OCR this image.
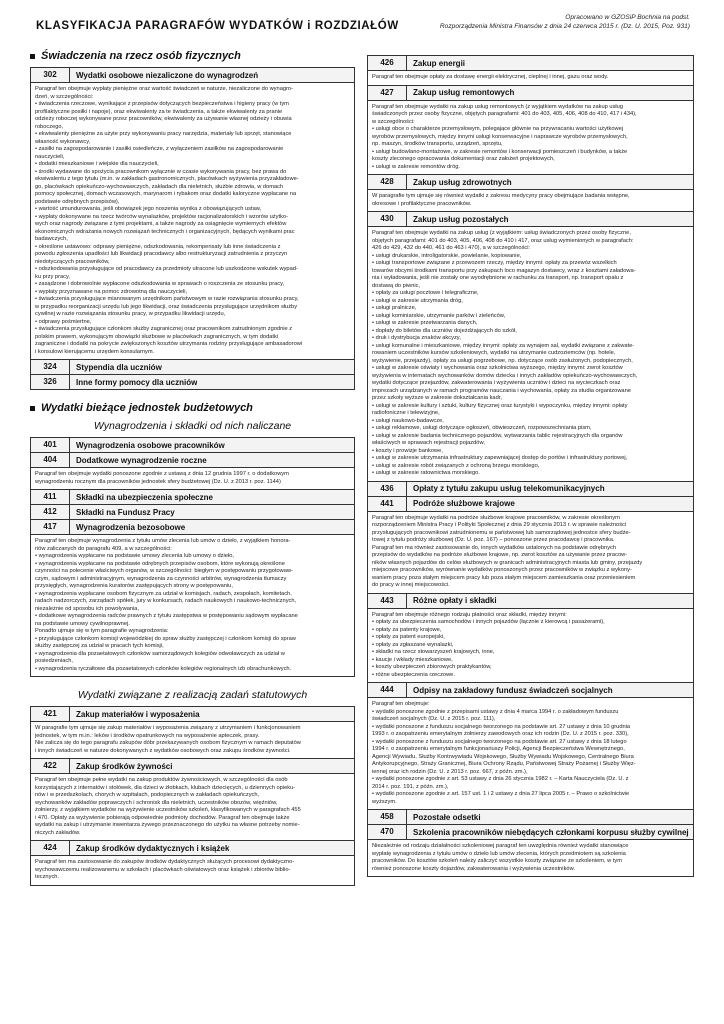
KLASYFIKACJA PARAGRAFÓW WYDATKÓW i ROZDZIAŁÓW
Opracowano w GZOSiP Bochnia na podst.
Rozporządzenia Ministra Finansów z dnia 24 czerwca 2015 r. (Dz. U. 2015, Poz. 931)
Świadczenia na rzecz osób fizycznych
302	Wydatki osobowe niezaliczone do wynagrodzeń
Paragraf ten obejmuje wypłaty pieniężne oraz wartość świadczeń w naturze, niezaliczone do wynagro-
dzeń, w szczególności:
• świadczenia rzeczowe, wynikające z przepisów dotyczących bezpieczeństwa i higieny pracy (w tym
profilaktyczne posiłki i napoje), oraz ekwiwalenty za te świadczenia, a także ekwiwalenty za pranie
odzieży roboczej wykonywane przez pracowników, ekwiwalenty za używanie własnej odzieży i obuwia
roboczego,
• ekwiwalenty pieniężne za użyte przy wykonywaniu pracy narzędzia, materiały lub sprzęt, stanowiące
własność wykonawcy,
• zasiłki na zagospodarowanie i zasiłki osiedleńcze, z wyłączeniem zasiłków na zagospodarowanie
nauczycieli,
• dodatki mieszkaniowe i wiejskie dla nauczycieli,
• środki wydawane do spożycia pracownikom wyłącznie w czasie wykonywania pracy, bez prawa do
ekwiwalentu z tego tytułu (m.in. w zakładach gastronomicznych, placówkach wyżywienia przyzakładowe-
go, placówkach opiekuńczo-wychowawczych, zakładach dla nieletnich, służbie zdrowia, w domach
pomocy społecznej, domach wczasowych, marynarom i rybakom oraz dodatki kaloryczne wypłacane na
podstawie odrębnych przepisów),
• wartość umundurowania, jeśli obowiązek jego noszenia wynika z obowiązujących ustaw,
• wypłaty dokonywane na rzecz twórców wynalazków, projektów racjonalizatorskich i wzorów użytko-
wych oraz nagrody związane z tymi projektami, a także nagrody za osiągnięcie wymiernych efektów
ekonomicznych wdrażania nowych rozwiązań technicznych i organizacyjnych, będących wynikami prac
badawczych,
• określone ustawowo: odprawy pieniężne, odszkodowania, rekompensaty lub inne świadczenia z
powodu zgłoszenia upadłości lub likwidacji pracodawcy albo restrukturyzacji zatrudnienia z przyczyn
niedotyczących pracowników,
• odszkodowania przysługujące od pracodawcy za przedmioty utracone lub uszkodzone wskutek wypad-
ku przy pracy,
• zasądzone i dobrowolnie wypłacone odszkodowania w sprawach o roszczenia ze stosunku pracy,
• wypłaty przyznawane na pomoc zdrowotną dla nauczycieli,
• świadczenia przysługujące mianowanym urzędnikom państwowym w razie rozwiązania stosunku pracy,
w przypadku reorganizacji urzędu lub jego likwidacji, oraz świadczenia przysługujące urzędnikom służby
cywilnej w razie rozwiązania stosunku pracy, w przypadku likwidacji urzędu,
• odprawy pośmiertne,
• świadczenia przysługujące członkom służby zagranicznej oraz pracownikom zatrudnionym zgodnie z
polskim prawem, wykonującym obowiązki służbowe w placówkach zagranicznych, w tym dodatki
zagraniczne i dodatki na pokrycie zwiększonych kosztów utrzymania rodziny przysługujące ambasadorowi
i konsulowi kierującemu urzędem konsularnym.
324	Stypendia dla uczniów
326	Inne formy pomocy dla uczniów
Wydatki bieżące jednostek budżetowych
Wynagrodzenia i składki od nich naliczane
401	Wynagrodzenia osobowe pracowników
404	Dodatkowe wynagrodzenie roczne
Paragraf ten obejmuje wydatki ponoszone zgodnie z ustawą z dnia 12 grudnia 1997 r. o dodatkowym
wynagrodzeniu rocznym dla pracowników jednostek sfery budżetowej (Dz. U. z 2013 r. poz. 1144)
411	Składki na ubezpieczenia społeczne
412	Składki na Fundusz Pracy
417	Wynagrodzenia bezosobowe
Paragraf ten obejmuje wynagrodzenia z tytułu umów zlecenia lub umów o dzieło, z wyjątkiem honora-
riów zaliczanych do paragrafu 409, a w szczególności:
• wynagrodzenia wypłacane na podstawie umowy zlecenia lub umowy o dzieło,
• wynagrodzenia wypłacane na podstawie odrębnych przepisów osobom, które wykonują określone
czynności na polecenie właściwych organów, w szczególności: biegłym w postępowaniu przygotowaw-
czym, sądowym i administracyjnym, wynagrodzenia za czynności arbitrów, wynagrodzenia tłumaczy
przysięgłych, wynagrodzenia kuratorów zastępujących strony w postępowaniu,
• wynagrodzenia wypłacane osobom fizycznym za udział w komisjach, radach, zespołach, komitetach,
radach nadzorczych, zarządach spółek, jury w konkursach, radach naukowych i naukowo-technicznych,
niezależnie od sposobu ich powoływania,
• dodatkowe wynagrodzenia radców prawnych z tytułu zastępstwa w postępowaniu sądowym wypłacane
na podstawie umowy cywilnoprawnej.
Ponadto ujmuje się w tym paragrafie wynagrodzenia:
• przysługujące członkom komisji wojewódzkiej do spraw służby zastępczej i członkom komisji do spraw
służby zastępczej za udział w pracach tych komisji,
• wynagrodzenia dla pozaetatowych członków samorządowych kolegiów odwoławczych za udział w
posiedzeniach,
• wynagrodzenia ryczałtowe dla pozaetatowych członków kolegiów regionalnych izb obrachunkowych.
Wydatki związane z realizacją zadań statutowych
421	Zakup materiałów i wyposażenia
W paragrafie tym ujmuje się zakup materiałów i wyposażenia związany z utrzymaniem i funkcjonowaniem
jednostek, w tym m.in.: leków i środków opatrunkowych na wyposażenie apteczek, prasy.
Nie zalicza się do tego paragrafu zakupów dóbr przekazywanych osobom fizycznym w ramach deputatów
i innych świadczeń w naturze dokonywanych z wydatków osobowych oraz zakupu środków żywności.
422	Zakup środków żywności
Paragraf ten obejmuje pełne wydatki na zakup produktów żywnościowych, w szczególności dla osób
korzystających z internatów i stołówek, dla dzieci w żłobkach, klubach dziecięcych, u dziennych opieku-
nów i w przedszkolach, chorych w szpitalach, podopiecznych w zakładach opiekuńczych,
wychowanków zakładów poprawczych i schronisk dla nieletnich, uczestników obozów, więźniów,
żołnierzy, z wyjątkiem wydatków na wyżywienie uczestników szkoleń, klasyfikowanych w paragrafach 455
i 470. Opłaty za wyżywienie pobierają odpowiednie podmioty dochodów. Paragraf ten obejmuje także
wydatki na zakup i utrzymanie inwentarza żywego przeznaczonego do użytku na własne potrzeby nomie-
niczych zakładów.
424	Zakup środków dydaktycznych i książek
Paragraf ten ma zastosowanie do zakupów środków dydaktycznych służących procesowi dydaktyczno-
wychowawczemu realizowanemu w szkołach i placówkach oświatowych oraz książek i zbiorów biblio-
tecznych.
426	Zakup energii
Paragraf ten obejmuje opłaty za dostawę energii elektrycznej, cieplnej i innej, gazu oraz wody.
427	Zakup usług remontowych
Paragraf ten obejmuje wydatki na zakup usług remontowych (z wyjątkiem wydatków na zakup usług
świadczonych przez osoby fizyczne, objętych paragrafami: 401 do 403, 405, 406, 408 do 410, 417 i 434),
w szczególności:
• usługi obce o charakterze przemysłowym, polegające głównie na przywracaniu wartości użytkowej
wyrobów przemysłowych, między innymi usługi konserwacyjne i naprawcze wyrobów przemysłowych,
np. maszyn, środków transportu, urządzeń, sprzętu,
• usługi budowlano-montażowe, w zakresie remontów i konserwacji pomieszczeń i budynków, a także
koszty zleconego opracowania dokumentacji oraz założeń projektowych,
• usługi w zakresie remontów dróg.
428	Zakup usług zdrowotnych
W paragrafie tym ujmuje się również wydatki z zakresu medycyny pracy obejmujące badania wstępne,
okresowe i profilaktyczne pracowników.
430	Zakup usług pozostałych
Paragraf ten obejmuje wydatki na zakup usług (z wyjątkiem: usług świadczonych przez osoby fizyczne,
objętych paragrafami: 401 do 403, 405, 406, 408 do 410 i 417, oraz usług wymienionych w paragrafach:
426 do 429, 432 do 440, 461 do 463 i 470), a w szczególności:
• usługi drukarskie, introligatorskie, powielanie, kopiowanie,
• usługi transportowe związane z przewozem rzeczy, między innymi: opłaty za przewóz wszelkich
towarów obcymi środkami transportu przy zakupach loco magazyn dostawcy, wraz z kosztami załadowa-
nia i wyładowania, jeśli nie zostały one wyodrębnione w rachunku za transport, np. transport opału z
dostawą do piwnic,
• opłaty za usługi pocztowe i telegraficzne,
• usługi w zakresie utrzymania dróg,
• usługi pralnicze,
• usługi kominiarskie, utrzymanie parków i zieleńców,
• usługi w zakresie przetwarzania danych,
• dopłaty do biletów dla uczniów dojeżdżających do szkół,
• druk i dystrybucja znaków akcyzy,
• usługi komunalne i mieszkaniowe, między innymi: opłaty za wynajem sal, wydatki związane z zakwate-
rowaniem uczestników kursów szkoleniowych, wydatki na utrzymanie cudzoziemców (np. hotele,
wyżywienie, przejazdy), opłaty za usługi pogrzebowe, np. dotyczące osób zasłużonych, podopiecznych,
• usługi w zakresie oświaty i wychowania oraz szkolnictwa wyższego, między innymi: zwrot kosztów
wyżywienia w internatach wychowanków domów dziecka i innych zakładów opiekuńczo-wychowawczych,
wydatki dotyczące przejazdów, zakwaterowania i wyżywienia uczniów i dzieci na wycieczkach oraz
imprezach urządzanych w ramach programów nauczania i wychowania, opłaty za studia organizowane
przez szkoły wyższe w zakresie dokształcania kadr,
• usługi w zakresie kultury i sztuki, kultury fizycznej oraz turystyki i wypoczynku, między innymi: opłaty
radiofoniczne i telewizyjne,
• usługi naukowo-badawcze,
• usługi reklamowe, usługi dotyczące ogłoszeń, obwieszczeń, rozpowszechniania pism,
• usługi w zakresie badania technicznego pojazdów, wytwarzania tablic rejestracyjnych dla organów
właściwych w sprawach rejestracji pojazdów,
• koszty i prowizje bankowe,
• usługi w zakresie utrzymania infrastruktury zapewniającej dostęp do portów i infrastruktury portowej,
• usługi w zakresie robót związanych z ochroną brzegu morskiego,
• usługi w zakresie ratownictwa morskiego.
436	Opłaty z tytułu zakupu usług telekomunikacyjnych
441	Podróże służbowe krajowe
Paragraf ten obejmuje wydatki na podróże służbowe krajowe pracowników, w zakresie określonym
rozporządzeniem Ministra Pracy i Polityki Społecznej z dnia 29 stycznia 2013 r. w sprawie należności
przysługujących pracownikowi zatrudnionemu w państwowej lub samorządowej jednostce sfery budże-
towej z tytułu podróży służbowej (Dz. U. poz. 167) – ponoszone przez pracodawcę i pracownika.
Paragraf ten ma również zastosowanie do, innych wydatków ustalonych na podstawie odrębnych
przepisów do wydatków na podróże służbowe krajowe, np. zwrot kosztów za używanie przez pracow-
ników własnych pojazdów do celów służbowych w granicach administracyjnych miasta lub gminy, przejazdy
miejscowe pracowników, wyrównanie wydatków ponoszonych przez pracowników w związku z wykony-
waniem pracy poza stałym miejscem pracy lub poza stałym miejscem zamieszkania oraz przeniesieniem
do pracy w innej miejscowości.
443	Różne opłaty i składki
Paragraf ten obejmuje różnego rodzaju płatności oraz składki, między innymi:
• opłaty za ubezpieczenia samochodów i innych pojazdów (łącznie z kierowcą i pasażerami),
• opłaty za patenty krajowe,
• opłaty za patent europejski,
• opłaty za zgłaszane wynalazki,
• składki na rzecz stowarzyszeń krajowych, inne,
• kaucje i wkłady mieszkaniowe,
• koszty ubezpieczeń zbiorowych praktykantów,
• różne ubezpieczenia rzeczowe.
444	Odpisy na zakładowy fundusz świadczeń socjalnych
Paragraf ten obejmuje:
• wydatki ponoszone zgodnie z przepisami ustawy z dnia 4 marca 1994 r. o zakładowym funduszu
świadczeń socjalnych (Dz. U. z 2015 r. poz. 111),
• wydatki ponoszone z funduszu socjalnego tworzonego na podstawie art. 27 ustawy z dnia 10 grudnia
1993 r. o zaopatrzeniu emerytalnym żołnierzy zawodowych oraz ich rodzin (Dz. U. z 2015 r. poz. 330),
• wydatki ponoszone z funduszu socjalnego tworzonego na podstawie art. 27 ustawy z dnia 18 lutego
1994 r. o zaopatrzeniu emerytalnym funkcjonariuszy Policji, Agencji Bezpieczeństwa Wewnętrznego,
Agencji Wywiadu, Służby Kontrwywiadu Wojskowego, Służby Wywiadu Wojskowego, Centralnego Biura
Antykorupcyjnego, Straży Granicznej, Biura Ochrony Rządu, Państwowej Straży Pożarnej i Służby Więz-
iennej oraz ich rodzin (Dz. U. z 2013 r. poz. 667, z późn. zm.),
• wydatki ponoszone zgodnie z art. 53 ustawy z dnia 26 stycznia 1982 r. – Karta Nauczyciela (Dz. U. z
2014 r. poz. 191, z późn. zm.),
• wydatki ponoszone zgodnie z art. 157 ust. 1 i 2 ustawy z dnia 27 lipca 2005 r. – Prawo o szkolnictwie
wyższym.
458	Pozostałe odsetki
470	Szkolenia pracowników niebędących członkami korpusu służby cywilnej
Niezależnie od rodzaju działalności szkoleniowej paragraf ten uwzględnia również wydatki stanowiące
wypłatę wynagrodzenia z tytułu umów o dzieło lub umów zlecenia, których przedmiotem są szkolenia
pracowników. Do kosztów szkoleń należy zaliczyć wszystkie koszty związane ze szkoleniem, w tym
również ponoszone koszty dojazdów, zakwaterowania i wyżywienia uczestników.
